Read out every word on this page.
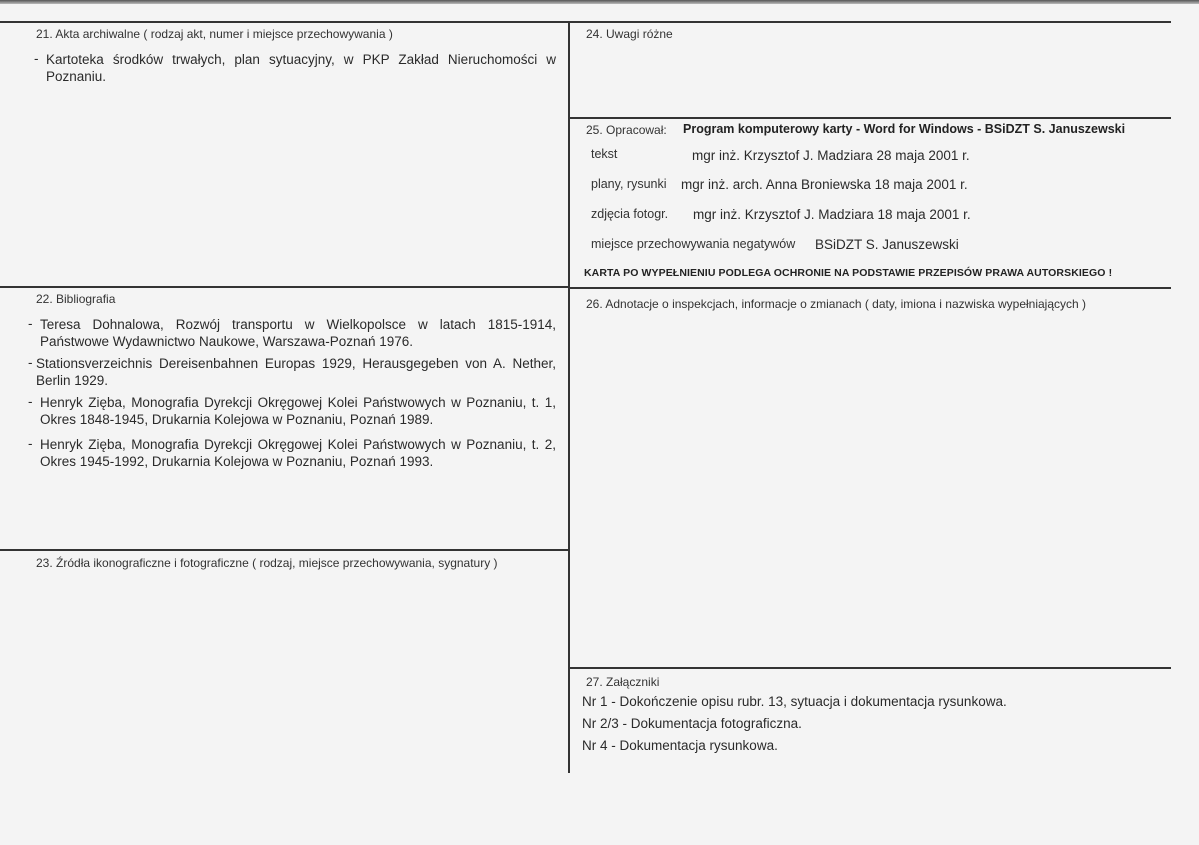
21. Akta archiwalne ( rodzaj akt, numer i miejsce przechowywania )
- Kartoteka środków trwałych, plan sytuacyjny, w PKP Zakład Nieruchomości w Poznaniu.
22. Bibliografia
- Teresa Dohnalowa, Rozwój transportu w Wielkopolsce w latach 1815-1914, Państwowe Wydawnictwo Naukowe, Warszawa-Poznań 1976.
- Stationsverzeichnis Dereisenbahnen Europas 1929, Herausgegeben von A. Nether, Berlin 1929.
- Henryk Zięba, Monografia Dyrekcji Okręgowej Kolei Państwowych w Poznaniu, t. 1, Okres 1848-1945, Drukarnia Kolejowa w Poznaniu, Poznań 1989.
- Henryk Zięba, Monografia Dyrekcji Okręgowej Kolei Państwowych w Poznaniu, t. 2, Okres 1945-1992, Drukarnia Kolejowa w Poznaniu, Poznań 1993.
23. Źródła ikonograficzne i fotograficzne ( rodzaj, miejsce przechowywania, sygnatury )
24. Uwagi różne
25. Opracował: Program komputerowy karty - Word for Windows - BSiDZT S. Januszewski
tekst	mgr inż. Krzysztof J. Madziara 28 maja 2001 r.
plany, rysunki mgr inż. arch. Anna Broniewska 18 maja 2001 r.
zdjęcia fotogr. mgr inż. Krzysztof J. Madziara 18 maja 2001 r.
miejsce przechowywania negatywów BSiDZT S. Januszewski
KARTA PO WYPEŁNIENIU PODLEGA OCHRONIE NA PODSTAWIE PRZEPISÓW PRAWA AUTORSKIEGO !
26. Adnotacje o inspekcjach, informacje o zmianach ( daty, imiona i nazwiska wypełniających )
27. Załączniki
Nr 1 - Dokończenie opisu rubr. 13, sytuacja i dokumentacja rysunkowa.
Nr 2/3 - Dokumentacja fotograficzna.
Nr 4 - Dokumentacja rysunkowa.
